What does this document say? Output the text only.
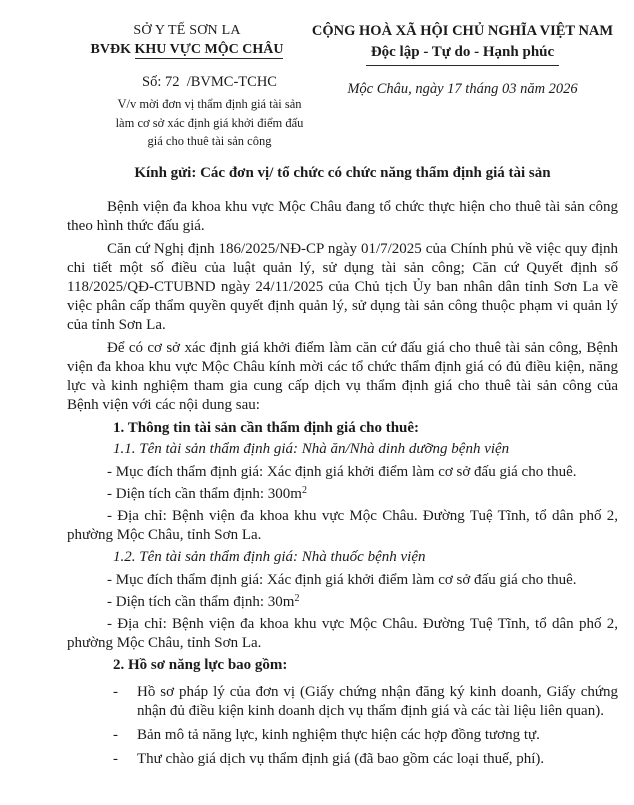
SỞ Y TẾ SƠN LA
BVĐK KHU VỰC MỘC CHÂU
Số: 72  /BVMC-TCHC
V/v mời đơn vị thẩm định giá tài sản làm cơ sở xác định giá khởi điểm đấu giá cho thuê tài sản công
CỘNG HOÀ XÃ HỘI CHỦ NGHĨA VIỆT NAM
Độc lập - Tự do - Hạnh phúc
Mộc Châu, ngày 17 tháng 03 năm 2026
Kính gửi: Các đơn vị/ tổ chức có chức năng thẩm định giá tài sản

Bệnh viện đa khoa khu vực Mộc Châu đang tổ chức thực hiện cho thuê tài sản công theo hình thức đấu giá.

Căn cứ Nghị định 186/2025/NĐ-CP ngày 01/7/2025 của Chính phủ về việc quy định chi tiết một số điều của luật quản lý, sử dụng tài sản công; Căn cứ Quyết định số 118/2025/QĐ-CTUBND ngày 24/11/2025 của Chủ tịch Ủy ban nhân dân tỉnh Sơn La về việc phân cấp thẩm quyền quyết định quản lý, sử dụng tài sản công thuộc phạm vi quản lý của tỉnh Sơn La.

Để có cơ sở xác định giá khởi điểm làm căn cứ đấu giá cho thuê tài sản công, Bệnh viện đa khoa khu vực Mộc Châu kính mời các tổ chức thẩm định giá có đủ điều kiện, năng lực và kinh nghiệm tham gia cung cấp dịch vụ thẩm định giá cho thuê tài sản công của Bệnh viện với các nội dung sau:

1. Thông tin tài sản cần thẩm định giá cho thuê:

1.1. Tên tài sản thẩm định giá: Nhà ăn/Nhà dinh dưỡng bệnh viện

- Mục đích thẩm định giá: Xác định giá khởi điểm làm cơ sở đấu giá cho thuê.

- Diện tích cần thẩm định: $300m^2$

- Địa chỉ: Bệnh viện đa khoa khu vực Mộc Châu. Đường Tuệ Tĩnh, tổ dân phố 2, phường Mộc Châu, tỉnh Sơn La.

1.2. Tên tài sản thẩm định giá: Nhà thuốc bệnh viện

- Mục đích thẩm định giá: Xác định giá khởi điểm làm cơ sở đấu giá cho thuê.

- Diện tích cần thẩm định: $30m^2$

- Địa chỉ: Bệnh viện đa khoa khu vực Mộc Châu. Đường Tuệ Tĩnh, tổ dân phố 2, phường Mộc Châu, tỉnh Sơn La.

2. Hồ sơ năng lực bao gồm:

- Hồ sơ pháp lý của đơn vị (Giấy chứng nhận đăng ký kinh doanh, Giấy chứng nhận đủ điều kiện kinh doanh dịch vụ thẩm định giá và các tài liệu liên quan).
- Bản mô tả năng lực, kinh nghiệm thực hiện các hợp đồng tương tự.
- Thư chào giá dịch vụ thẩm định giá (đã bao gồm các loại thuế, phí).
